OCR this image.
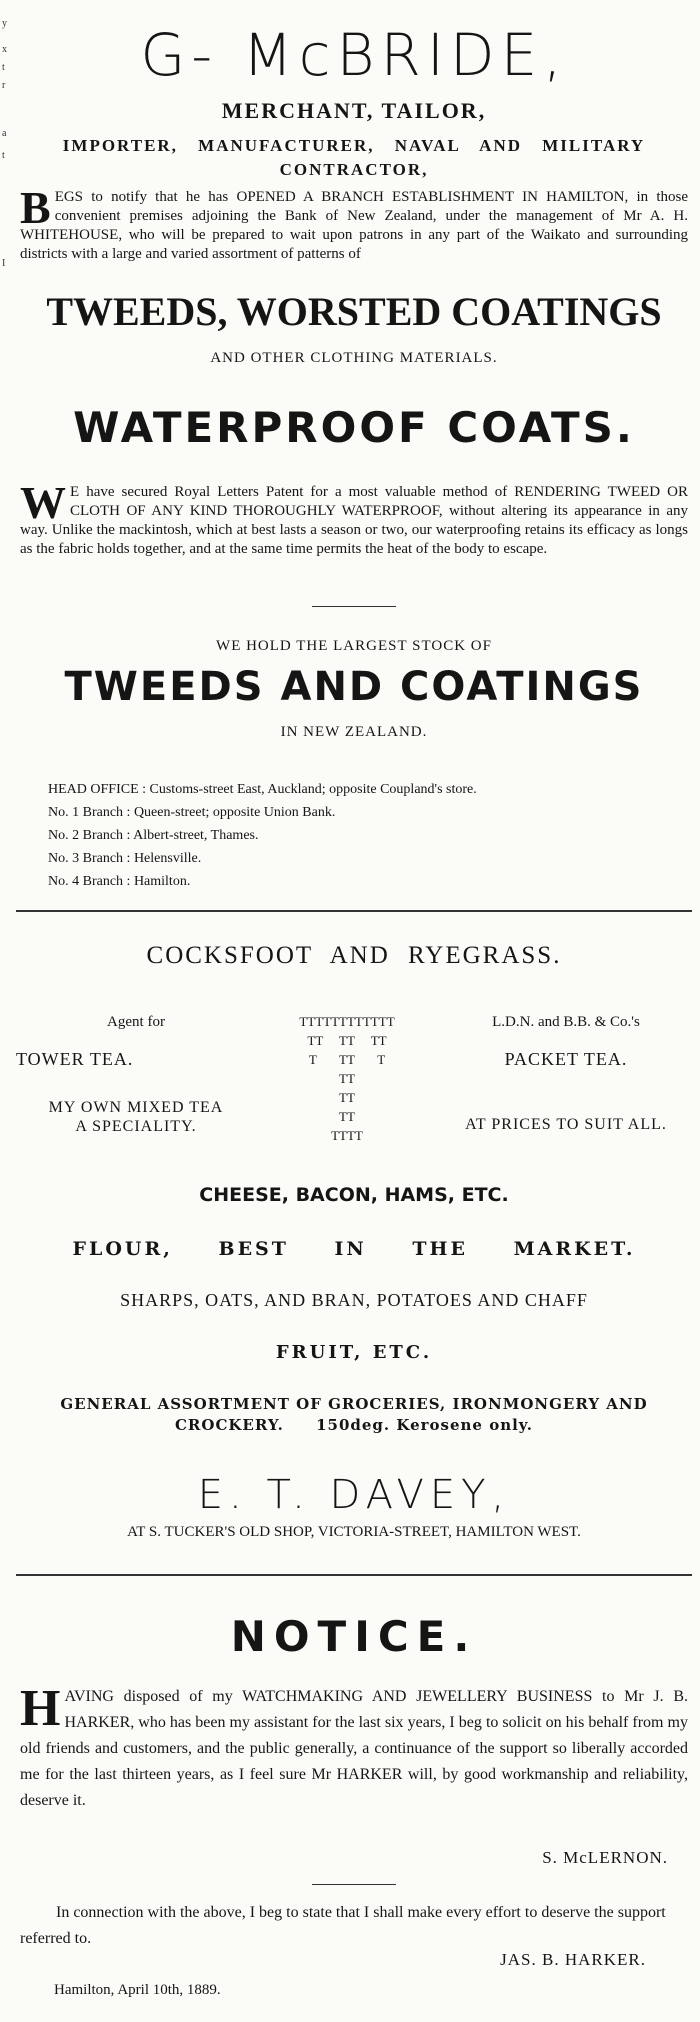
y
x
t
r
a
t
I
G- McBRIDE,
MERCHANT, TAILOR,
IMPORTER, MANUFACTURER, NAVAL AND MILITARY CONTRACTOR,
B EGS to notify that he has OPENED A BRANCH ESTABLISHMENT IN HAMILTON, in those convenient premises adjoining the Bank of New Zealand, under the management of Mr A. H. WHITEHOUSE, who will be prepared to wait upon patrons in any part of the Waikato and surrounding districts with a large and varied assortment of patterns of
TWEEDS, WORSTED COATINGS
AND OTHER CLOTHING MATERIALS.
WATERPROOF COATS.
W E have secured Royal Letters Patent for a most valuable method of RENDERING TWEED OR CLOTH OF ANY KIND THOROUGHLY WATERPROOF, without altering its appearance in any way. Unlike the mackintosh, which at best lasts a season or two, our waterproofing retains its efficacy as longs as the fabric holds together, and at the same time permits the heat of the body to escape.
WE HOLD THE LARGEST STOCK OF
TWEEDS AND COATINGS
IN NEW ZEALAND.
HEAD OFFICE : Customs-street East, Auckland; opposite Coupland's store.
No. 1 Branch : Queen-street; opposite Union Bank.
No. 2 Branch : Albert-street, Thames.
No. 3 Branch : Helensville.
No. 4 Branch : Hamilton.
COCKSFOOT AND RYEGRASS.
Agent for
TOWER TEA.
MY OWN MIXED TEA A SPECIALITY.
TTTTTTTTTTTT
TT     TT     TT
T       TT       T
TT
TT
TT
TTTT
L.D.N. and B.B. & Co.'s
PACKET TEA.
AT PRICES TO SUIT ALL.
CHEESE, BACON, HAMS, ETC.
FLOUR, BEST IN THE MARKET.
SHARPS, OATS, AND BRAN, POTATOES AND CHAFF
FRUIT, ETC.
GENERAL ASSORTMENT OF GROCERIES, IRONMONGERY AND CROCKERY. 150deg. Kerosene only.
E. T. DAVEY,
AT S. TUCKER'S OLD SHOP, VICTORIA-STREET, HAMILTON WEST.
NOTICE.
H AVING disposed of my WATCHMAKING AND JEWELLERY BUSINESS to Mr J. B. HARKER, who has been my assistant for the last six years, I beg to solicit on his behalf from my old friends and customers, and the public generally, a continuance of the support so liberally accorded me for the last thirteen years, as I feel sure Mr HARKER will, by good workmanship and reliability, deserve it.
S. McLERNON.
In connection with the above, I beg to state that I shall make every effort to deserve the support referred to.
JAS. B. HARKER.
Hamilton, April 10th, 1889.
